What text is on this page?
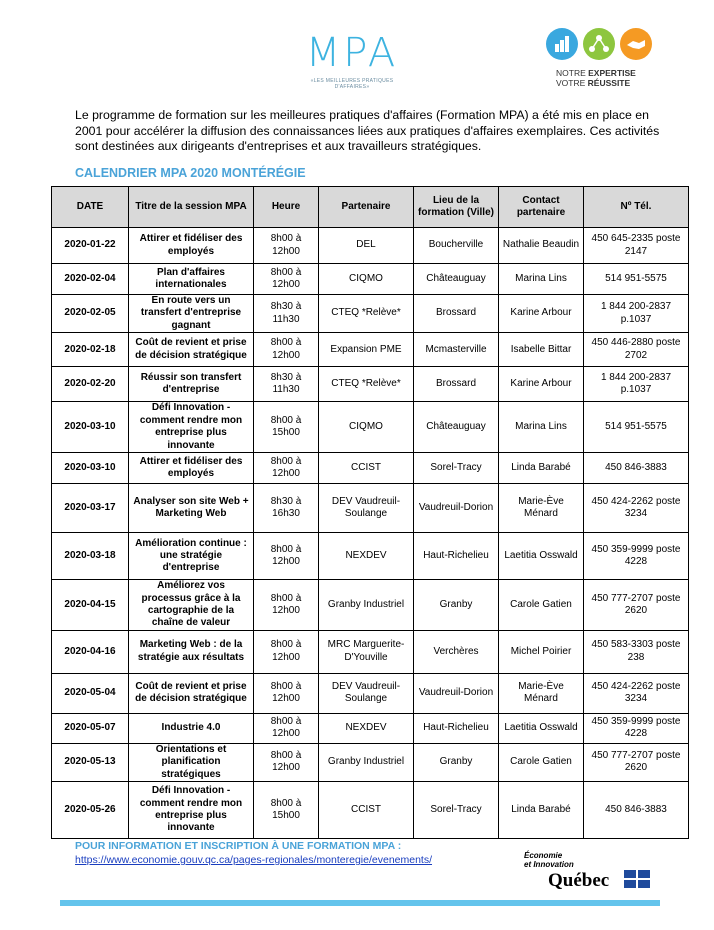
MPA
«LES MEILLEURES PRATIQUES D'AFFAIRES»
NOTRE EXPERTISE
VOTRE RÉUSSITE
Le programme de formation sur les meilleures pratiques d'affaires (Formation MPA) a été mis en place en 2001 pour accélérer la diffusion des connaissances liées aux pratiques d'affaires exemplaires. Ces activités sont destinées aux dirigeants d'entreprises et aux travailleurs stratégiques.
CALENDRIER MPA 2020 MONTÉRÉGIE
DATE	Titre de la session MPA	Heure	Partenaire	Lieu de la formation (Ville)	Contact partenaire	Nº Tél.
2020-01-22	Attirer et fidéliser des employés	8h00 à 12h00	DEL	Boucherville	Nathalie Beaudin	450 645-2335 poste 2147
2020-02-04	Plan d'affaires internationales	8h00 à 12h00	CIQMO	Châteauguay	Marina Lins	514 951-5575
2020-02-05	En route vers un transfert d'entreprise gagnant	8h30 à 11h30	CTEQ *Relève*	Brossard	Karine Arbour	1 844 200-2837 p.1037
2020-02-18	Coût de revient et prise de décision stratégique	8h00 à 12h00	Expansion PME	Mcmasterville	Isabelle Bittar	450 446-2880 poste 2702
2020-02-20	Réussir son transfert d'entreprise	8h30 à 11h30	CTEQ *Relève*	Brossard	Karine Arbour	1 844 200-2837 p.1037
2020-03-10	Défi Innovation - comment rendre mon entreprise plus innovante	8h00 à 15h00	CIQMO	Châteauguay	Marina Lins	514 951-5575
2020-03-10	Attirer et fidéliser des employés	8h00 à 12h00	CCIST	Sorel-Tracy	Linda Barabé	450 846-3883
2020-03-17	Analyser son site Web + Marketing Web	8h30 à 16h30	DEV Vaudreuil-Soulange	Vaudreuil-Dorion	Marie-Ève Ménard	450 424-2262 poste 3234
2020-03-18	Amélioration continue : une stratégie d'entreprise	8h00 à 12h00	NEXDEV	Haut-Richelieu	Laetitia Osswald	450 359-9999 poste 4228
2020-04-15	Améliorez vos processus grâce à la cartographie de la chaîne de valeur	8h00 à 12h00	Granby Industriel	Granby	Carole Gatien	450 777-2707 poste 2620
2020-04-16	Marketing Web : de la stratégie aux résultats	8h00 à 12h00	MRC Marguerite-D'Youville	Verchères	Michel Poirier	450 583-3303 poste 238
2020-05-04	Coût de revient et prise de décision stratégique	8h00 à 12h00	DEV Vaudreuil-Soulange	Vaudreuil-Dorion	Marie-Ève Ménard	450 424-2262 poste 3234
2020-05-07	Industrie 4.0	8h00 à 12h00	NEXDEV	Haut-Richelieu	Laetitia Osswald	450 359-9999 poste 4228
2020-05-13	Orientations et planification stratégiques	8h00 à 12h00	Granby Industriel	Granby	Carole Gatien	450 777-2707 poste 2620
2020-05-26	Défi Innovation - comment rendre mon entreprise plus innovante	8h00 à 15h00	CCIST	Sorel-Tracy	Linda Barabé	450 846-3883
POUR INFORMATION ET INSCRIPTION À UNE FORMATION MPA :
https://www.economie.gouv.qc.ca/pages-regionales/monteregie/evenements/	Économie
et Innovation
Québec
